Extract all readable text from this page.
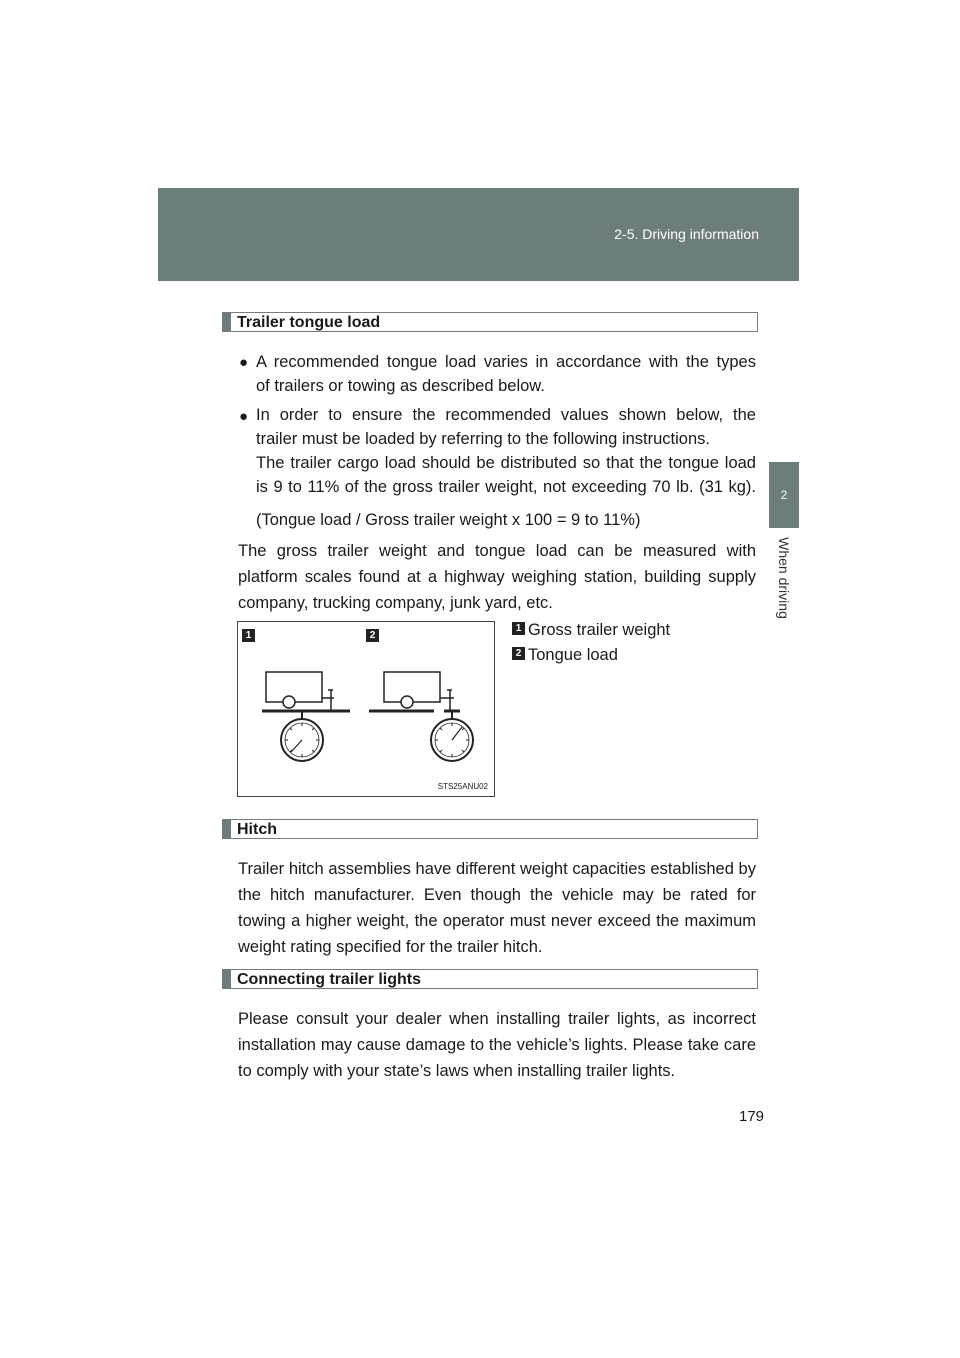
2-5. Driving information
2
When driving
Trailer tongue load
● A recommended tongue load varies in accordance with the types
of trailers or towing as described below.
● In order to ensure the recommended values shown below, the
trailer must be loaded by referring to the following instructions.
The trailer cargo load should be distributed so that the tongue load
is 9 to 11% of the gross trailer weight, not exceeding 70 lb. (31 kg).
(Tongue load / Gross trailer weight x 100 = 9 to 11%)
The gross trailer weight and tongue load can be measured with platform scales found at a highway weighing station, building supply company, trucking company, junk yard, etc.
1	2
STS25ANU02
1 Gross trailer weight
2 Tongue load
Hitch
Trailer hitch assemblies have different weight capacities established by the hitch manufacturer. Even though the vehicle may be rated for towing a higher weight, the operator must never exceed the maximum weight rating specified for the trailer hitch.
Connecting trailer lights
Please consult your dealer when installing trailer lights, as incorrect installation may cause damage to the vehicle’s lights. Please take care to comply with your state’s laws when installing trailer lights.
179
